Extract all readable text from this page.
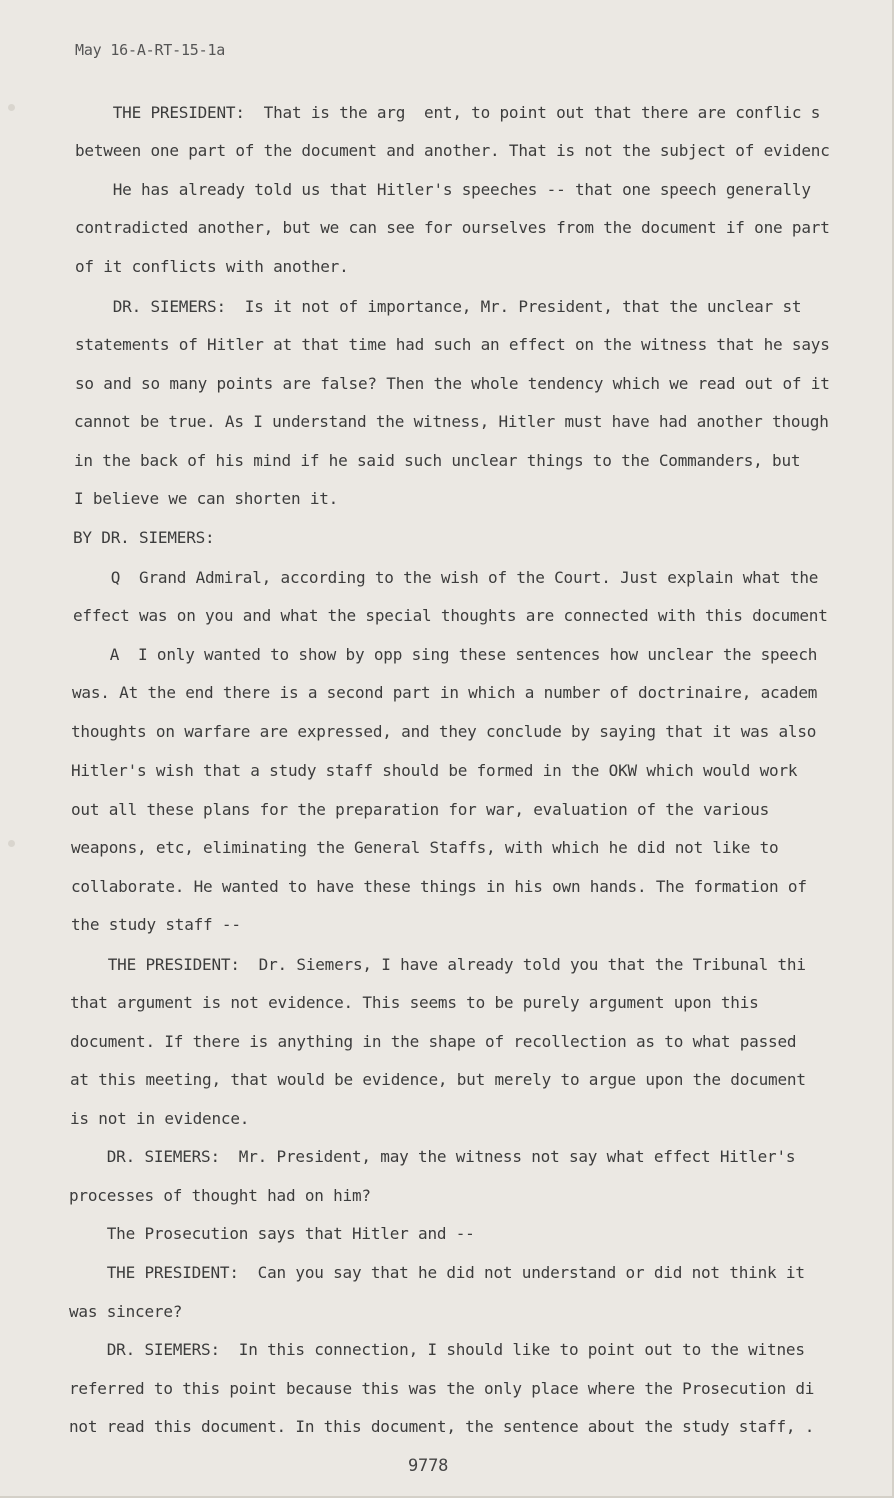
May 16-A-RT-15-1a
THE PRESIDENT:  That is the arg  ent, to point out that there are conflic s
between one part of the document and another. That is not the subject of evidenc
He has already told us that Hitler's speeches -- that one speech generally
contradicted another, but we can see for ourselves from the document if one part
of it conflicts with another.
DR. SIEMERS:  Is it not of importance, Mr. President, that the unclear st
statements of Hitler at that time had such an effect on the witness that he says
so and so many points are false? Then the whole tendency which we read out of it
cannot be true. As I understand the witness, Hitler must have had another though
in the back of his mind if he said such unclear things to the Commanders, but
I believe we can shorten it.
BY DR. SIEMERS:
Q  Grand Admiral, according to the wish of the Court. Just explain what the
effect was on you and what the special thoughts are connected with this document
A  I only wanted to show by opp sing these sentences how unclear the speech
was. At the end there is a second part in which a number of doctrinaire, academ
thoughts on warfare are expressed, and they conclude by saying that it was also
Hitler's wish that a study staff should be formed in the OKW which would work
out all these plans for the preparation for war, evaluation of the various
weapons, etc, eliminating the General Staffs, with which he did not like to
collaborate. He wanted to have these things in his own hands. The formation of
the study staff --
THE PRESIDENT:  Dr. Siemers, I have already told you that the Tribunal thi
that argument is not evidence. This seems to be purely argument upon this
document. If there is anything in the shape of recollection as to what passed
at this meeting, that would be evidence, but merely to argue upon the document
is not in evidence.
DR. SIEMERS:  Mr. President, may the witness not say what effect Hitler's
processes of thought had on him?
The Prosecution says that Hitler and --
THE PRESIDENT:  Can you say that he did not understand or did not think it
was sincere?
DR. SIEMERS:  In this connection, I should like to point out to the witnes
referred to this point because this was the only place where the Prosecution di
not read this document. In this document, the sentence about the study staff, .
9778
